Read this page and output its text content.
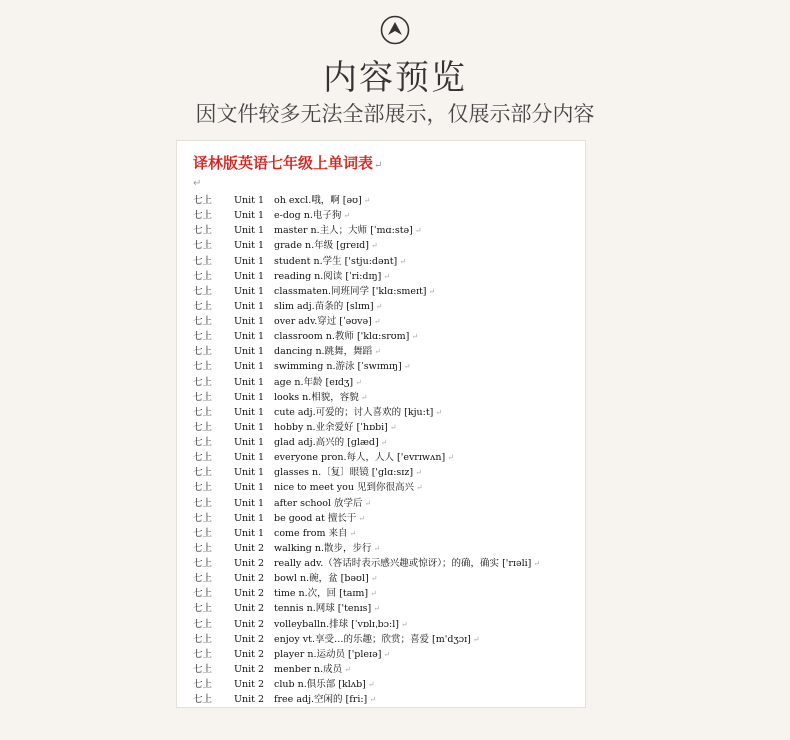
内容预览
因文件较多无法全部展示，仅展示部分内容
译林版英语七年级上单词表↵
↵
七上 Unit 1 oh excl.哦，啊 [əʊ] ↵
七上 Unit 1 e-dog n.电子狗 ↵
七上 Unit 1 master n.主人；大师 [ˈmɑ:stə] ↵
七上 Unit 1 grade n.年级 [greɪd] ↵
七上 Unit 1 student n.学生 ['stju:dənt] ↵
七上 Unit 1 reading n.阅读 [ˈri:dɪŋ] ↵
七上 Unit 1 classmaten.同班同学 ['klɑ:smeɪt] ↵
七上 Unit 1 slim adj.苗条的 [slɪm] ↵
七上 Unit 1 over adv.穿过 [ˈəʊvə] ↵
七上 Unit 1 classroom n.教师 ['klɑ:srʊm] ↵
七上 Unit 1 dancing n.跳舞，舞蹈 ↵
七上 Unit 1 swimming n.游泳 [ˈswɪmɪŋ] ↵
七上 Unit 1 age n.年龄 [eɪdʒ] ↵
七上 Unit 1 looks n.相貌，容貌 ↵
七上 Unit 1 cute adj.可爱的；讨人喜欢的 [kju:t] ↵
七上 Unit 1 hobby n.业余爱好 [ˈhɒbi] ↵
七上 Unit 1 glad adj.高兴的 [glæd] ↵
七上 Unit 1 everyone pron.每人，人人 ['evrɪwʌn] ↵
七上 Unit 1 glasses n.〔复〕眼镜 ['glɑ:sɪz] ↵
七上 Unit 1 nice to meet you 见到你很高兴 ↵
七上 Unit 1 after school 放学后 ↵
七上 Unit 1 be good at 擅长于 ↵
七上 Unit 1 come from 来自 ↵
七上 Unit 2 walking n.散步，步行 ↵
七上 Unit 2 really adv.（答话时表示感兴趣或惊讶）；的确，确实 ['rɪəli] ↵
七上 Unit 2 bowl n.碗，盆 [bəʊl] ↵
七上 Unit 2 time n.次，回 [taɪm] ↵
七上 Unit 2 tennis n.网球 ['tenɪs] ↵
七上 Unit 2 volleyballn.排球 [ˈvɒlɪˌbɔ:l] ↵
七上 Unit 2 enjoy vt.享受…的乐趣；欣赏；喜爱 [m'dʒɔɪ] ↵
七上 Unit 2 player n.运动员 ['pleɪə] ↵
七上 Unit 2 menber n.成员 ↵
七上 Unit 2 club n.俱乐部 [klʌb] ↵
七上 Unit 2 free adj.空闲的 [fri:] ↵
